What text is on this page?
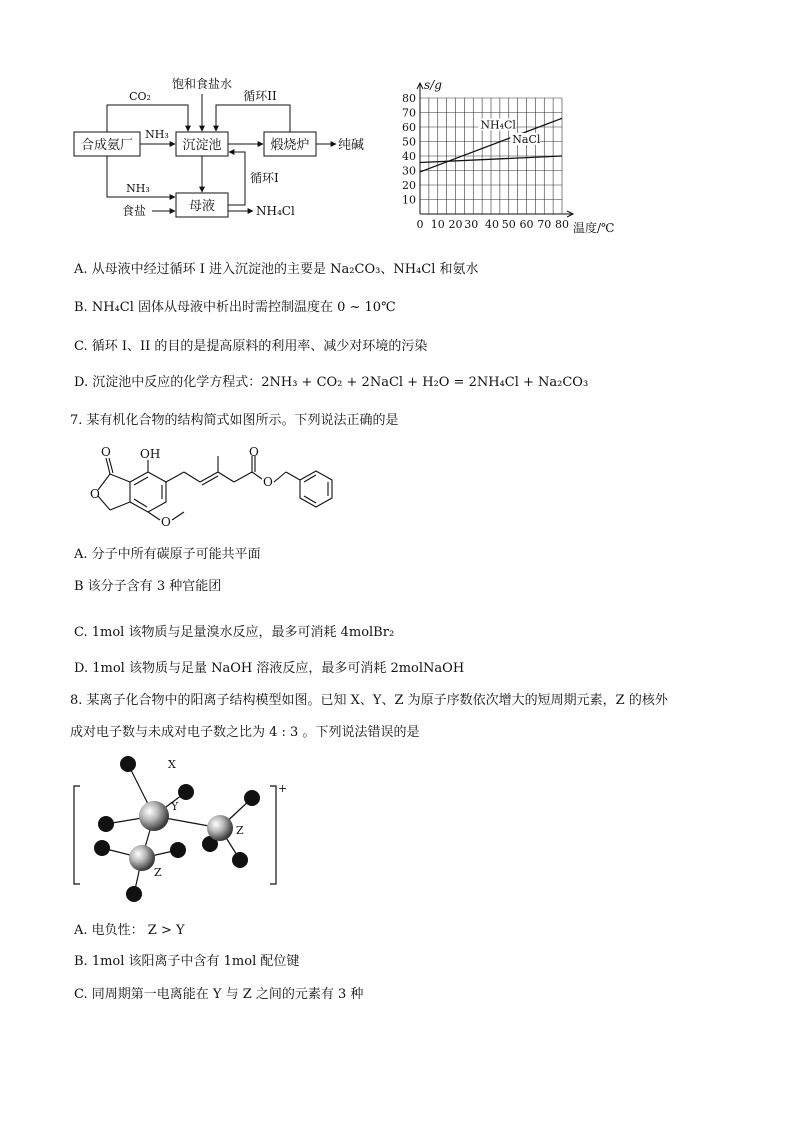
合成氨厂	沉淀池	煅烧炉
母液
CO₂
饱和食盐水
循环II
NH₃
纯碱
循环I
NH₃
食盐	NH₄Cl
s/g
温度/℃
0 10 20 30 40 50 60 70 80
10
20
30
40
50
60
70
80
NH₄Cl
NaCl
A. 从母液中经过循环 I 进入沉淀池的主要是 Na₂CO₃、NH₄Cl 和氨水
B. NH₄Cl 固体从母液中析出时需控制温度在 0 ~ 10℃
C. 循环 I、II 的目的是提高原料的利用率、减少对环境的污染
D. 沉淀池中反应的化学方程式：2NH₃ + CO₂ + 2NaCl + H₂O = 2NH₄Cl + Na₂CO₃
7. 某有机化合物的结构简式如图所示。下列说法正确的是
OH
O
O
O
O
O
A. 分子中所有碳原子可能共平面
B 该分子含有 3 种官能团
C. 1mol 该物质与足量溴水反应，最多可消耗 4molBr₂
D. 1mol 该物质与足量 NaOH 溶液反应，最多可消耗 2molNaOH
8. 某离子化合物中的阳离子结构模型如图。已知 X、Y、Z 为原子序数依次增大的短周期元素，Z 的核外
成对电子数与未成对电子数之比为 4 : 3 。下列说法错误的是
+
X
Y
Z
Z
A. 电负性： Z > Y
B. 1mol 该阳离子中含有 1mol 配位键
C. 同周期第一电离能在 Y 与 Z 之间的元素有 3 种
